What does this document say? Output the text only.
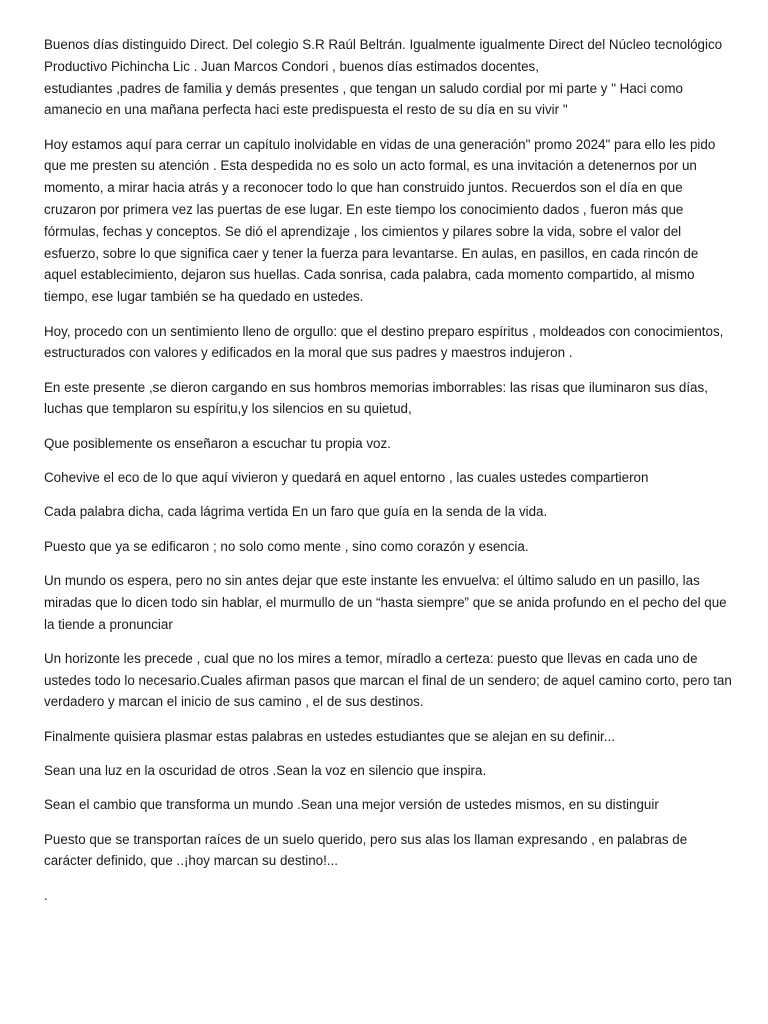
Buenos días distinguido Direct. Del colegio S.R Raúl Beltrán. Igualmente igualmente Direct del Núcleo tecnológico Productivo Pichincha Lic . Juan Marcos Condori , buenos días estimados docentes,
estudiantes ,padres de familia y demás presentes , que tengan un saludo cordial por mi parte y " Haci como amanecio en una mañana perfecta haci este predispuesta el resto de su día en su vivir "

Hoy estamos aquí para cerrar un capítulo inolvidable en vidas de una generación" promo 2024" para ello les pido que me presten su atención . Esta despedida no es solo un acto formal, es una invitación a detenernos por un momento, a mirar hacia atrás y a reconocer todo lo que han construido juntos. Recuerdos son el día en que cruzaron por primera vez las puertas de ese lugar. En este tiempo los conocimiento dados , fueron más que fórmulas, fechas y conceptos. Se dió el aprendizaje , los cimientos y pilares sobre la vida, sobre el valor del esfuerzo, sobre lo que significa caer y tener la fuerza para levantarse. En aulas, en pasillos, en cada rincón de aquel establecimiento, dejaron sus huellas. Cada sonrisa, cada palabra, cada momento compartido, al mismo tiempo, ese lugar también se ha quedado en ustedes.

Hoy, procedo con un sentimiento lleno de orgullo: que el destino preparo espíritus , moldeados con conocimientos, estructurados con valores y edificados en la moral que sus padres y maestros indujeron .

En este presente ,se dieron cargando en sus hombros memorias imborrables: las risas que iluminaron sus días, luchas que templaron su espíritu,y los silencios en su quietud,

Que posiblemente os enseñaron a escuchar tu propia voz.

Cohevive el eco de lo que aquí vivieron y quedará en aquel entorno , las cuales ustedes compartieron

Cada palabra dicha, cada lágrima vertida En un faro que guía en la senda de la vida.

Puesto que ya se edificaron ; no solo como mente , sino como corazón y esencia.

Un mundo os espera, pero no sin antes dejar que este instante les envuelva: el último saludo en un pasillo, las miradas que lo dicen todo sin hablar, el murmullo de un “hasta siempre” que se anida profundo en el pecho del que la tiende a pronunciar

Un horizonte les precede , cual que no los mires a temor, míradlo a certeza: puesto que llevas en cada uno de ustedes todo lo necesario.Cuales afirman pasos que marcan el final de un sendero; de aquel camino corto, pero tan verdadero y marcan el inicio de sus camino , el de sus destinos.

Finalmente quisiera plasmar estas palabras en ustedes estudiantes que se alejan en su definir...

Sean una luz en la oscuridad de otros .Sean la voz en silencio que inspira.

Sean el cambio que transforma un mundo .Sean una mejor versión de ustedes mismos, en su distinguir

Puesto que se transportan raíces de un suelo querido, pero sus alas los llaman expresando , en palabras de carácter definido, que ..¡hoy marcan su destino!...

.
